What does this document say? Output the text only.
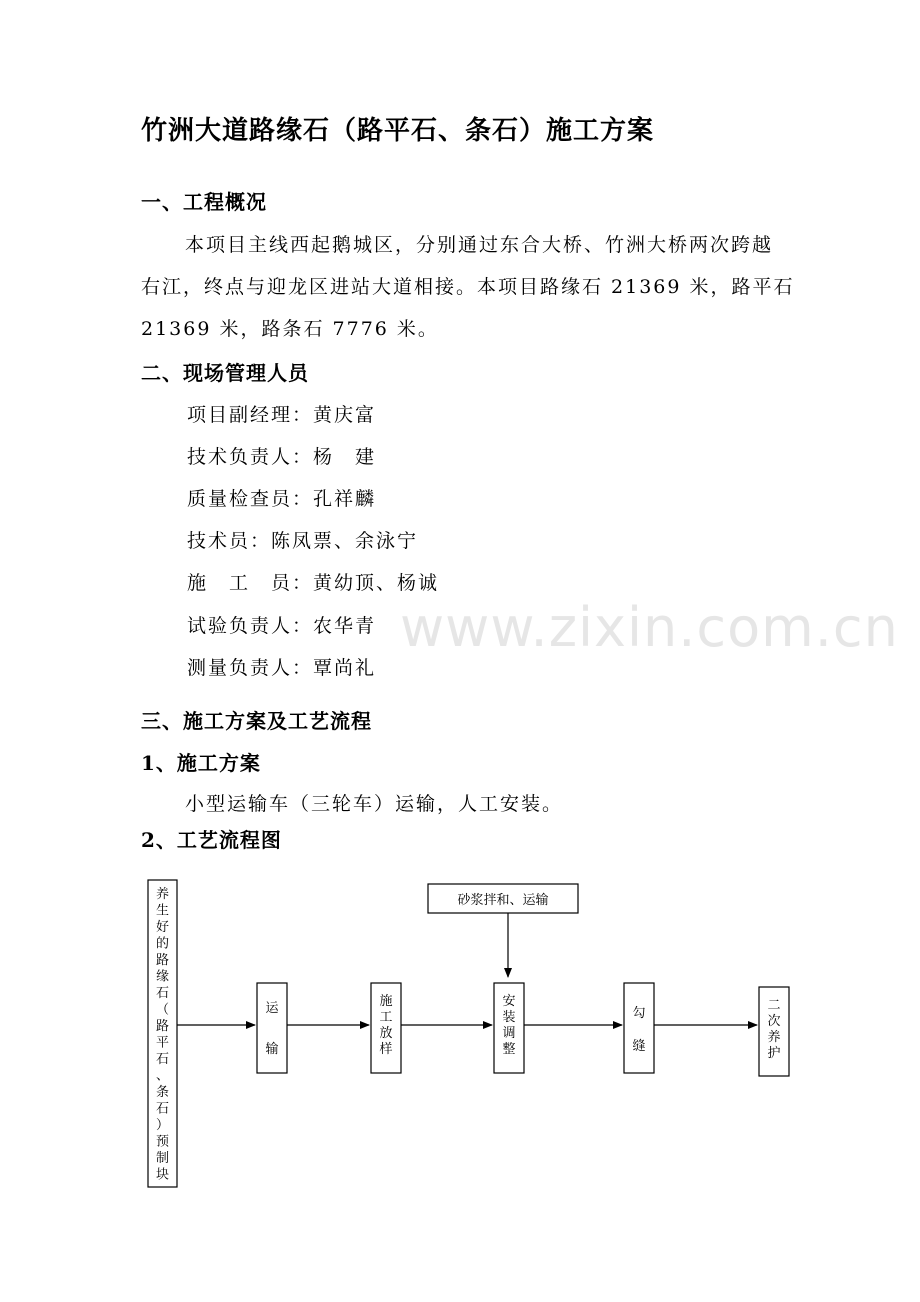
竹洲大道路缘石（路平石、条石）施工方案
一、工程概况
本项目主线西起鹅城区，分别通过东合大桥、竹洲大桥两次跨越
右江，终点与迎龙区进站大道相接。本项目路缘石 21369 米，路平石
21369 米，路条石 7776 米。
二、现场管理人员
项目副经理：黄庆富
技术负责人：杨　建
质量检查员：孔祥麟
技术员：陈凤票、余泳宁
施　工　员：黄幼顶、杨诚
试验负责人：农华青
测量负责人：覃尚礼
www.zixin.com.cn
三、施工方案及工艺流程
1、施工方案
小型运输车（三轮车）运输，人工安装。
2、工艺流程图
养生好的路缘石（路平石、条石）预制块
砂浆拌和、运输
运
输
施
工
放
样
安
装
调
整
勾
缝
二
次
养
护
